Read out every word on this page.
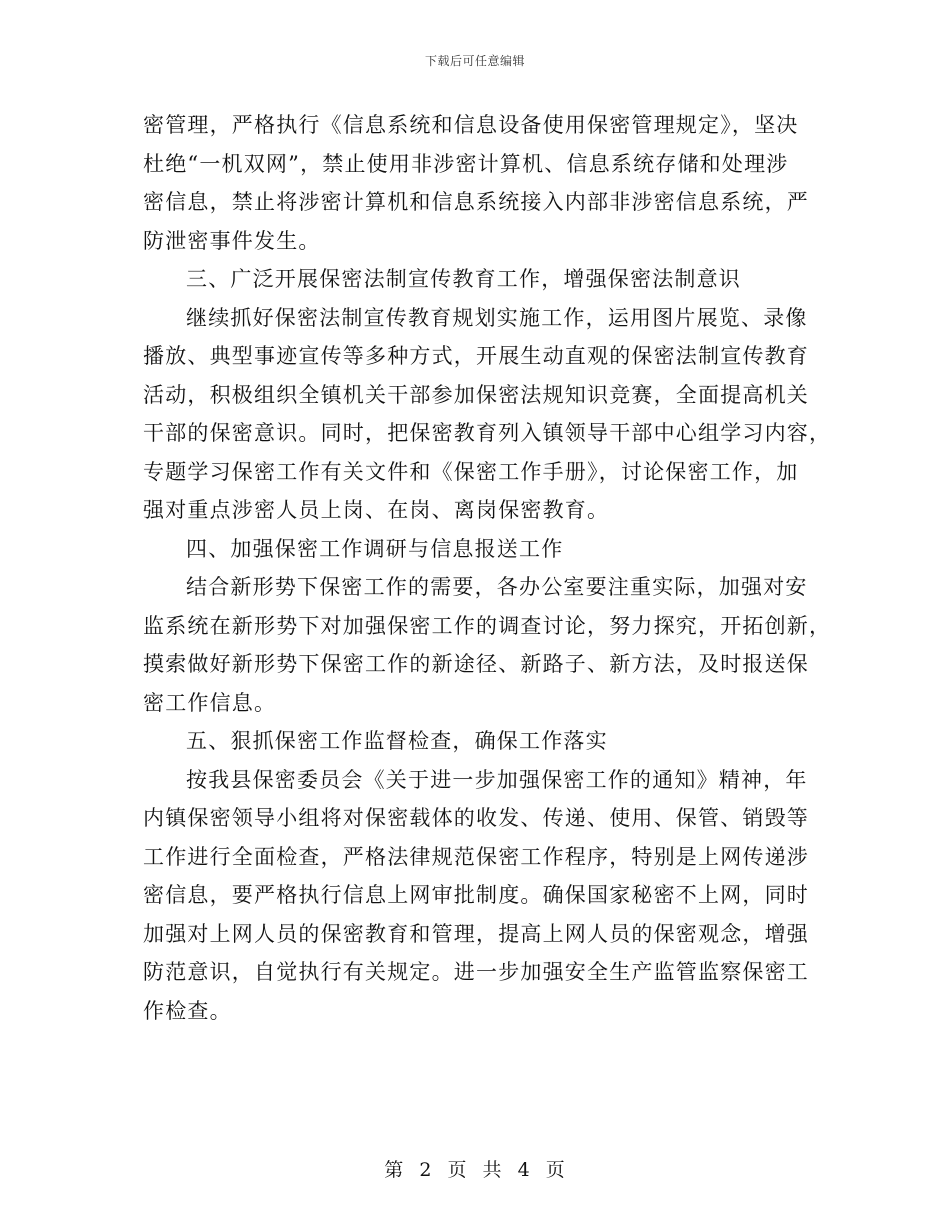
下载后可任意编辑
密管理，严格执行《信息系统和信息设备使用保密管理规定》，坚决
杜绝“一机双网”，禁止使用非涉密计算机、信息系统存储和处理涉
密信息，禁止将涉密计算机和信息系统接入内部非涉密信息系统，严
防泄密事件发生。
三、广泛开展保密法制宣传教育工作，增强保密法制意识
继续抓好保密法制宣传教育规划实施工作，运用图片展览、录像
播放、典型事迹宣传等多种方式，开展生动直观的保密法制宣传教育
活动，积极组织全镇机关干部参加保密法规知识竞赛，全面提高机关
干部的保密意识。同时，把保密教育列入镇领导干部中心组学习内容，
专题学习保密工作有关文件和《保密工作手册》，讨论保密工作，加
强对重点涉密人员上岗、在岗、离岗保密教育。
四、加强保密工作调研与信息报送工作
结合新形势下保密工作的需要，各办公室要注重实际，加强对安
监系统在新形势下对加强保密工作的调查讨论，努力探究，开拓创新，
摸索做好新形势下保密工作的新途径、新路子、新方法，及时报送保
密工作信息。
五、狠抓保密工作监督检查，确保工作落实
按我县保密委员会《关于进一步加强保密工作的通知》精神，年
内镇保密领导小组将对保密载体的收发、传递、使用、保管、销毁等
工作进行全面检查，严格法律规范保密工作程序，特别是上网传递涉
密信息，要严格执行信息上网审批制度。确保国家秘密不上网，同时
加强对上网人员的保密教育和管理，提高上网人员的保密观念，增强
防范意识，自觉执行有关规定。进一步加强安全生产监管监察保密工
作检查。
第 2 页 共 4 页
